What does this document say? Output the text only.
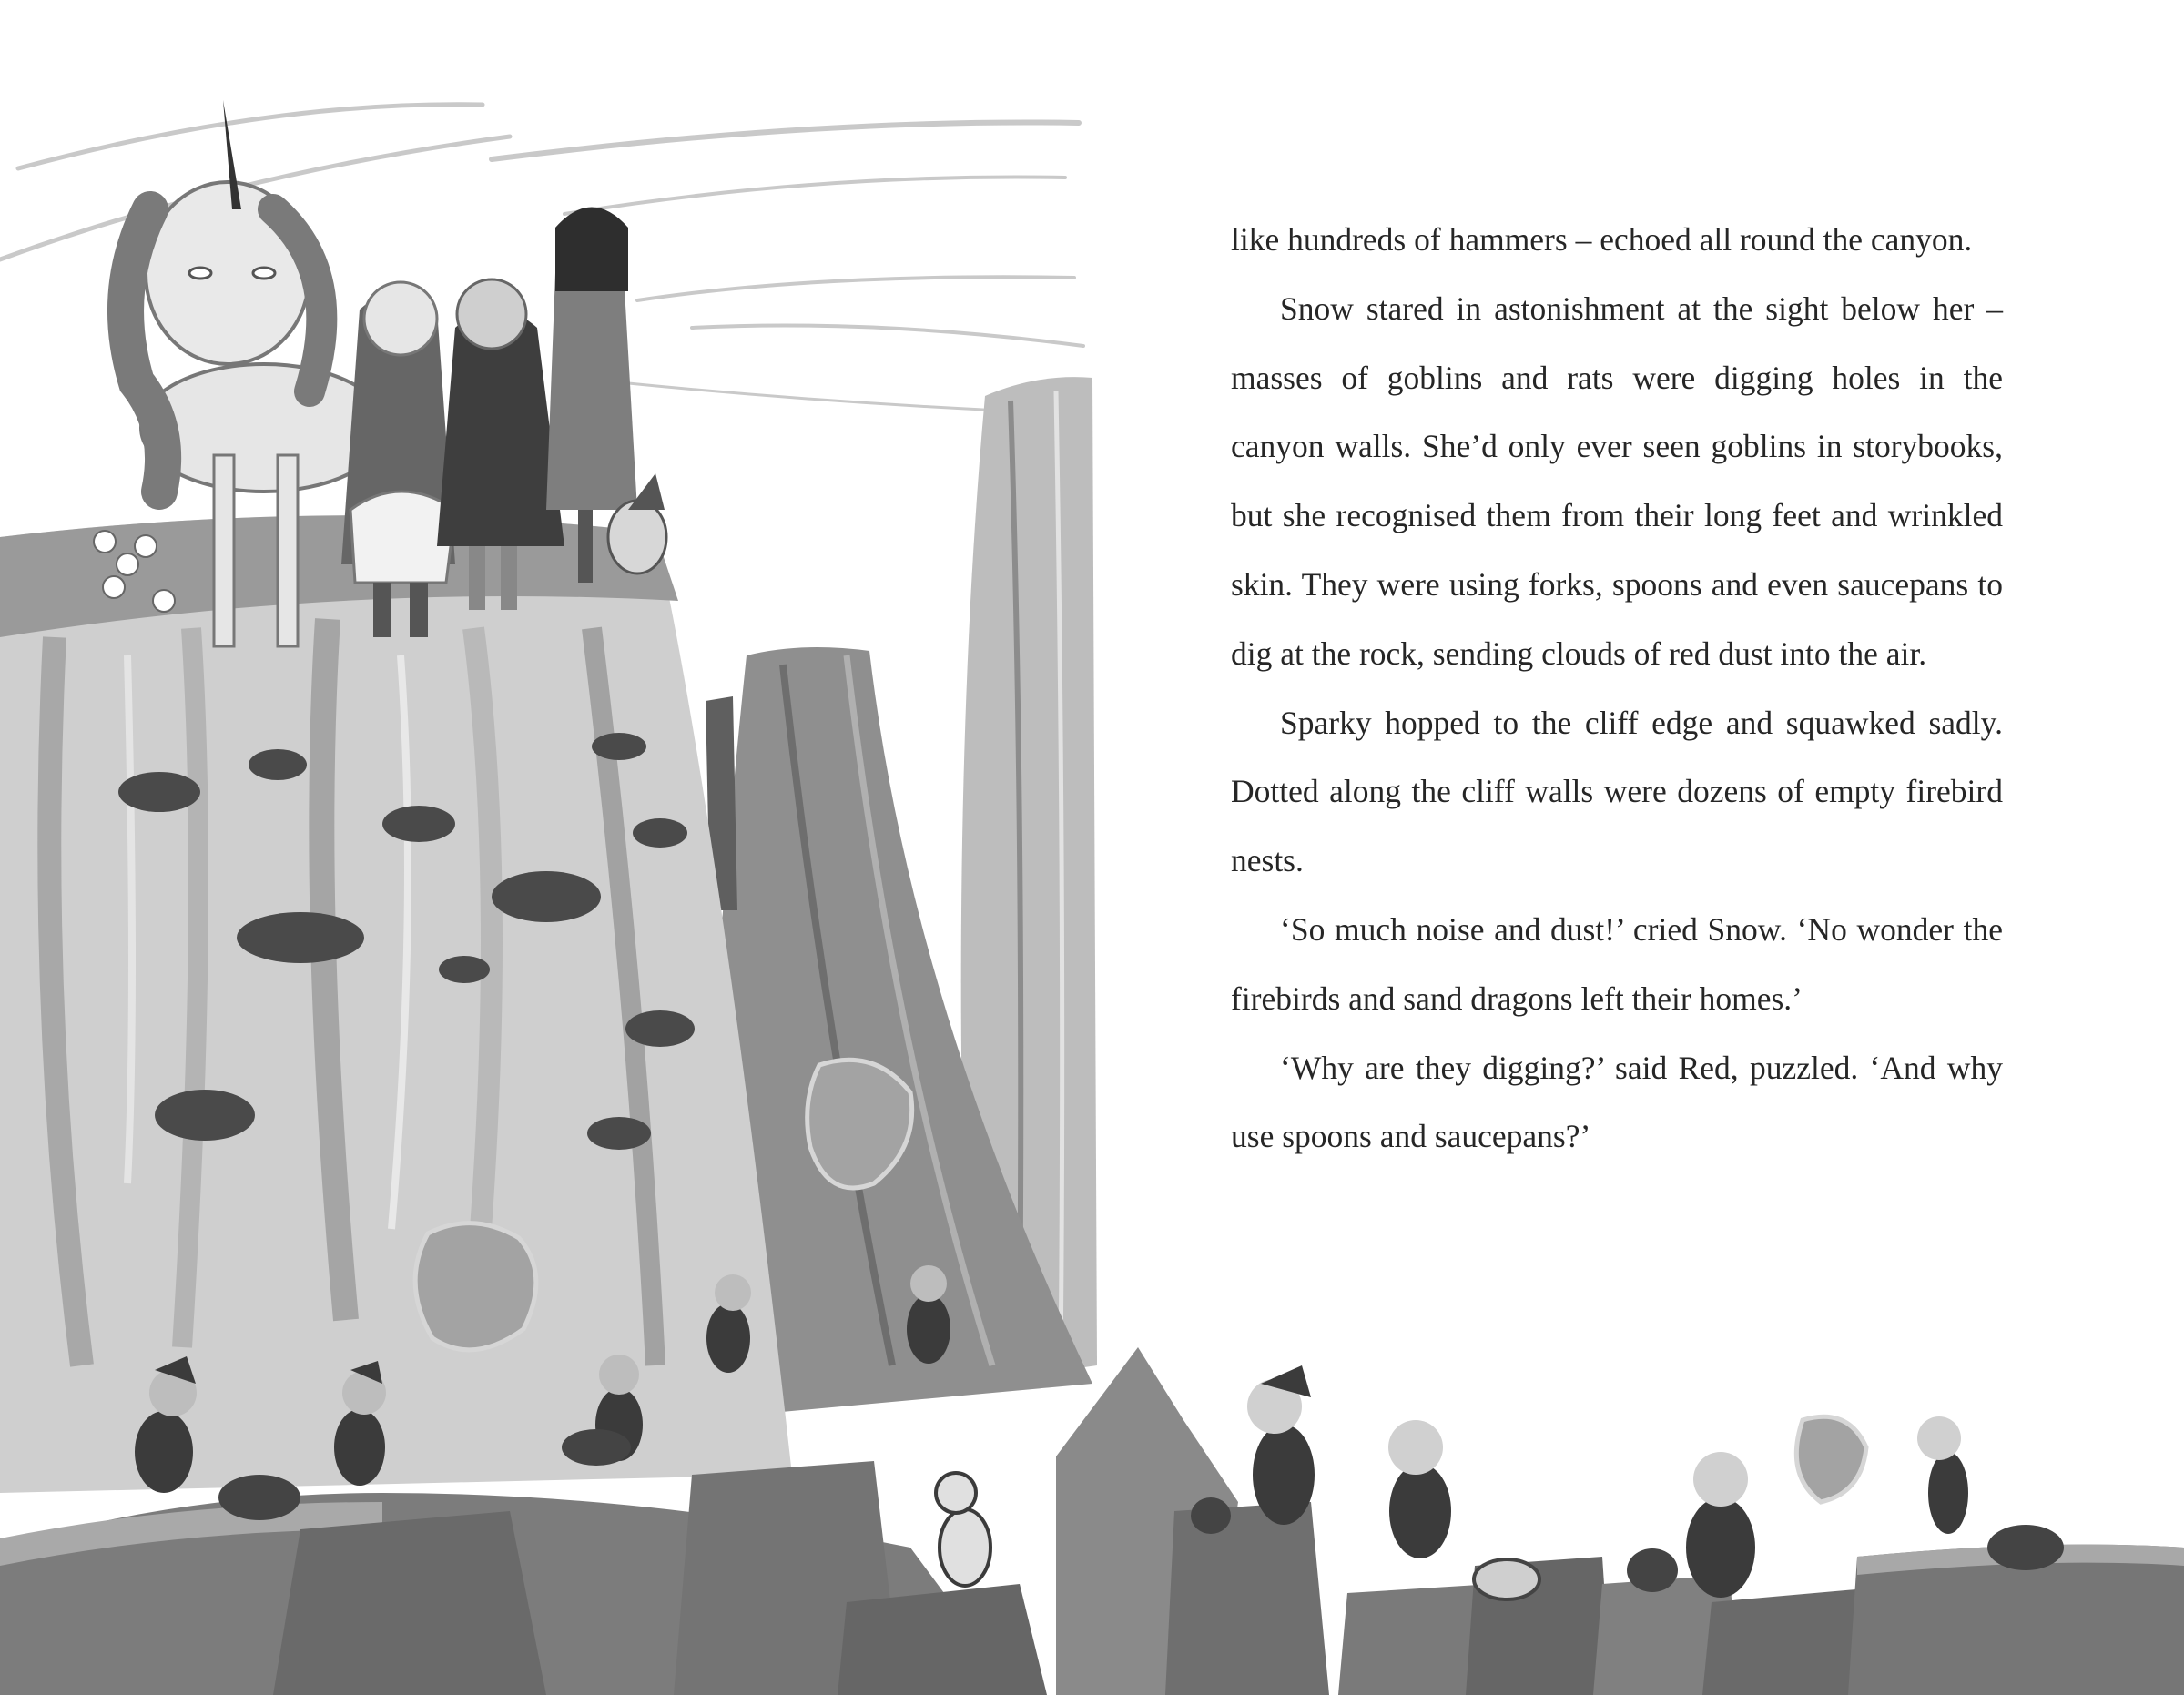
like hundreds of hammers – echoed all round the canyon.

Snow stared in astonishment at the sight below her – masses of goblins and rats were digging holes in the canyon walls. She’d only ever seen goblins in storybooks, but she recognised them from their long feet and wrinkled skin. They were using forks, spoons and even saucepans to dig at the rock, sending clouds of red dust into the air.

Sparky hopped to the cliff edge and squawked sadly. Dotted along the cliff walls were dozens of empty firebird nests.

‘So much noise and dust!’ cried Snow. ‘No wonder the firebirds and sand dragons left their homes.’

‘Why are they digging?’ said Red, puzzled. ‘And why use spoons and saucepans?’
